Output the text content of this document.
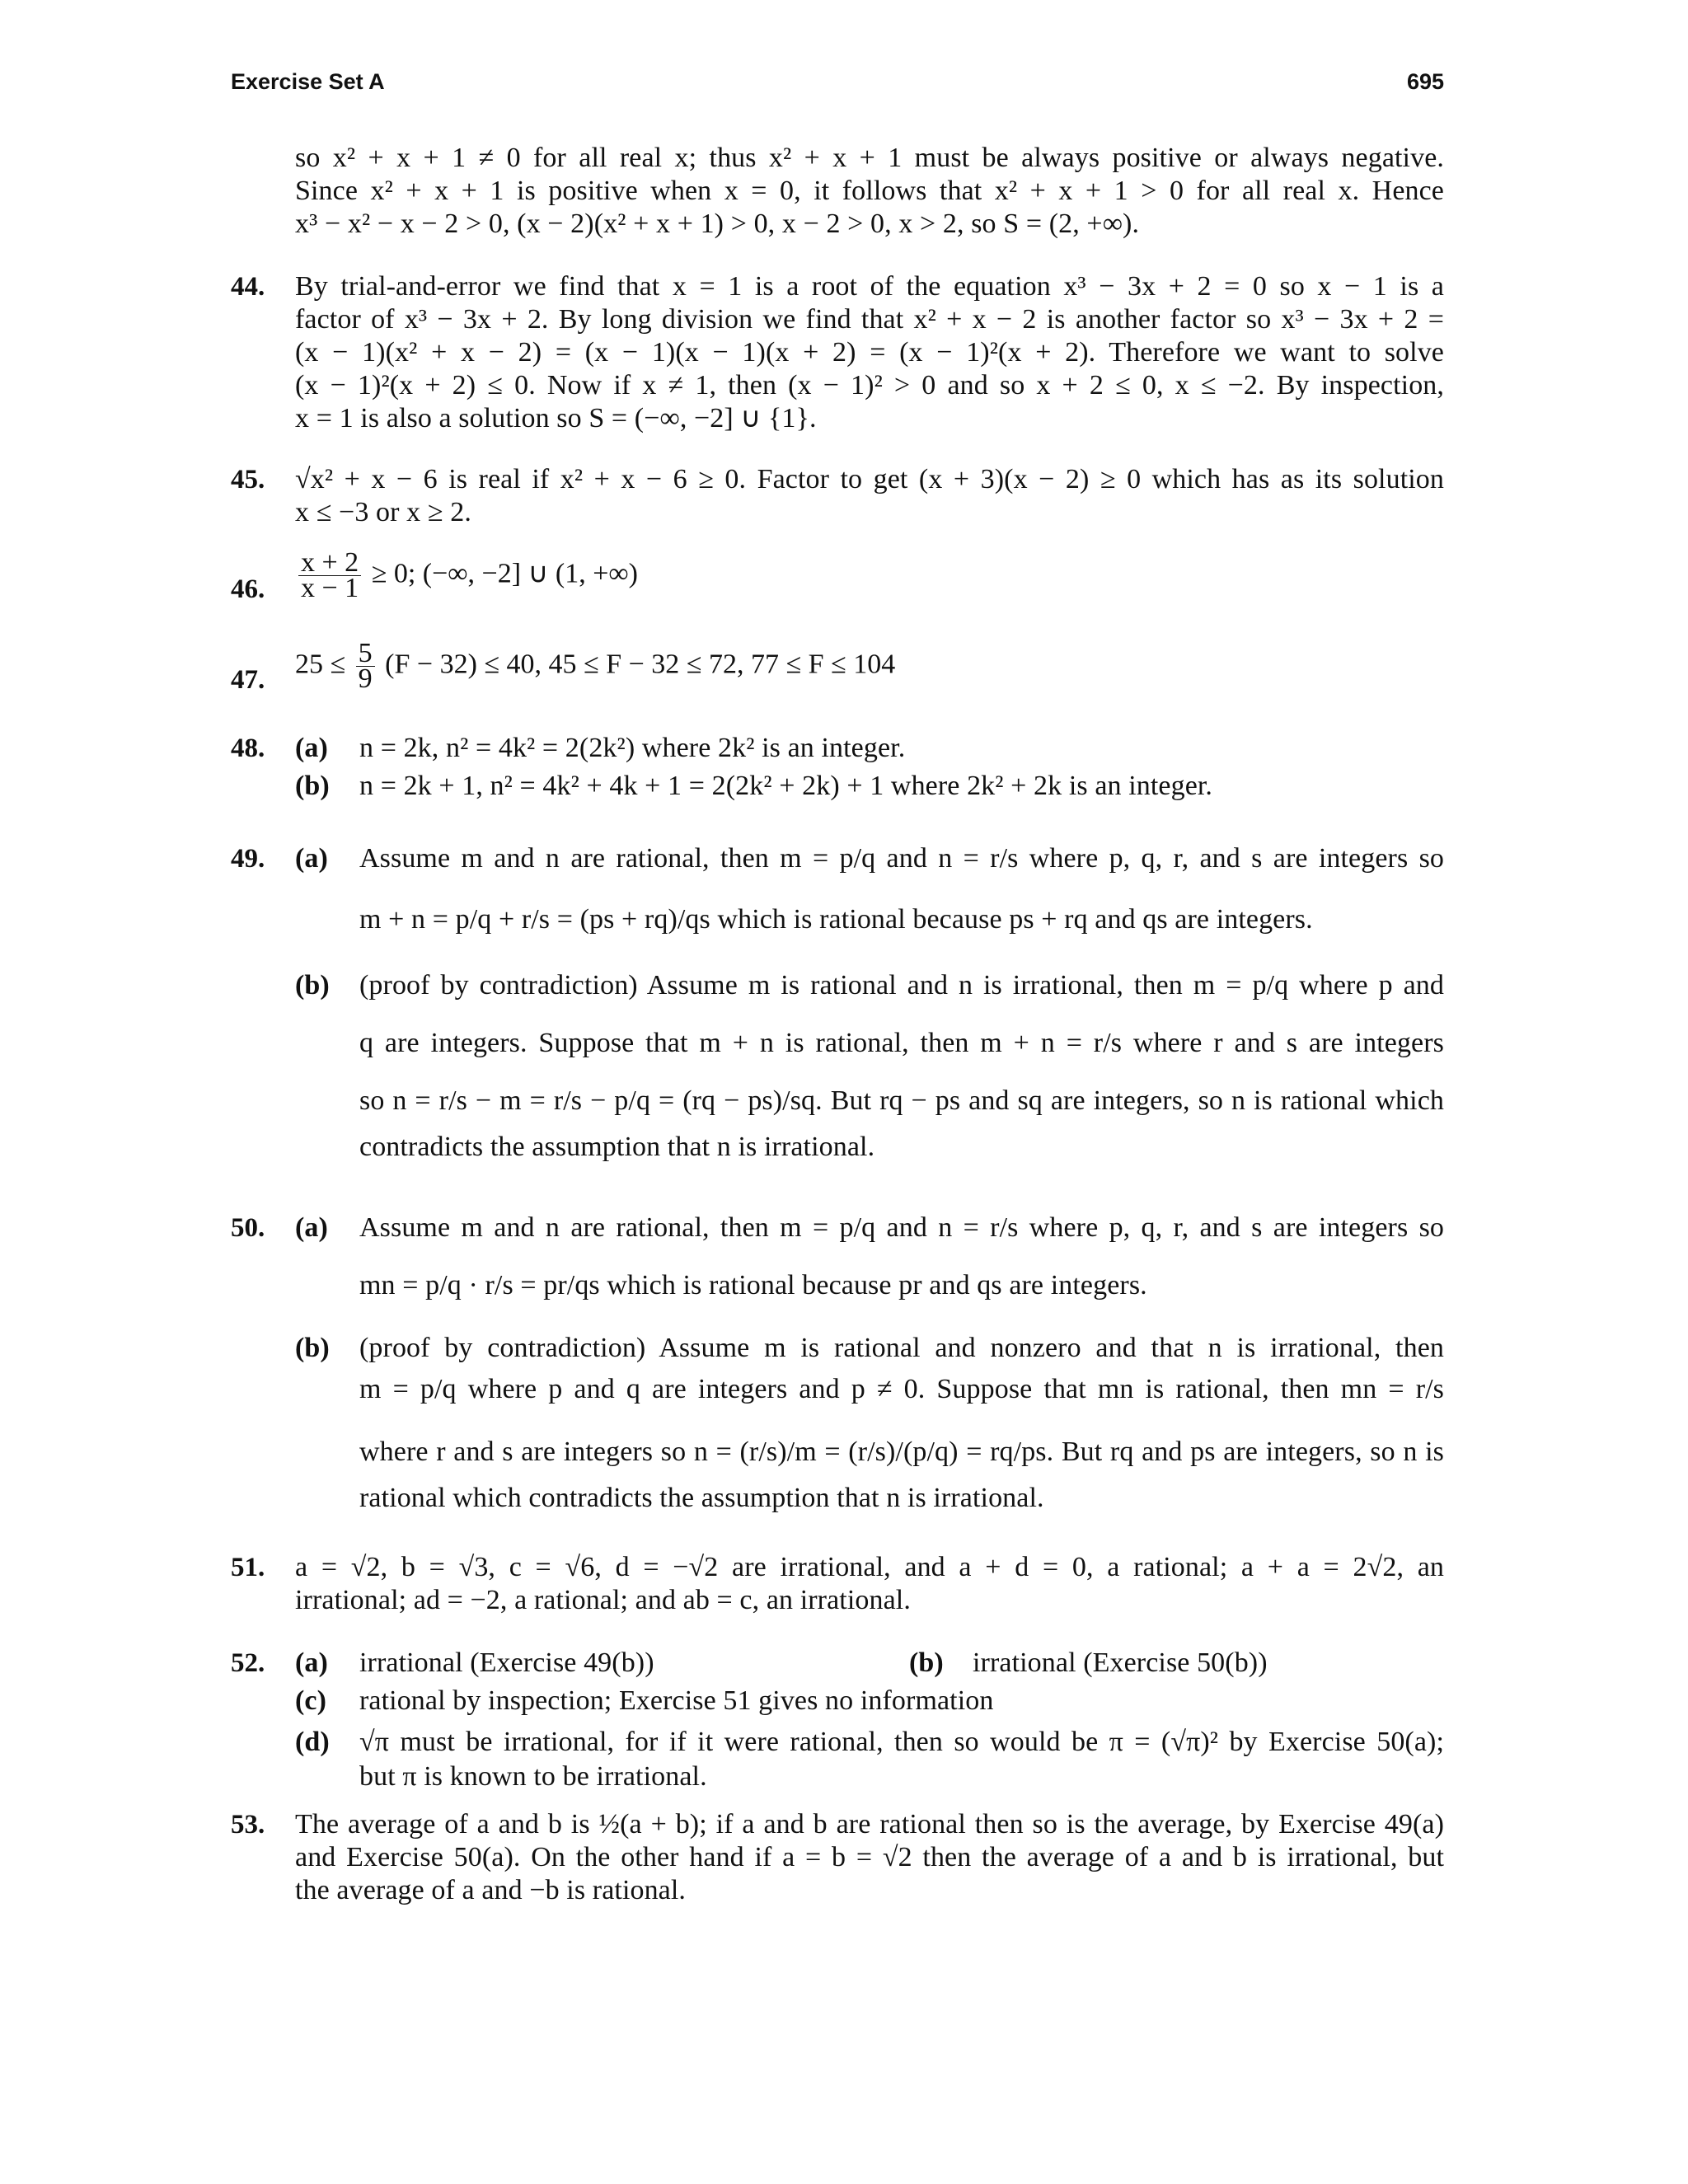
Exercise Set A	695
so x² + x + 1 ≠ 0 for all real x; thus x² + x + 1 must be always positive or always negative.
Since x² + x + 1 is positive when x = 0, it follows that x² + x + 1 > 0 for all real x. Hence
x³ − x² − x − 2 > 0, (x − 2)(x² + x + 1) > 0, x − 2 > 0, x > 2, so S = (2, +∞).
44. By trial-and-error we find that x = 1 is a root of the equation x³ − 3x + 2 = 0 so x − 1 is a
factor of x³ − 3x + 2. By long division we find that x² + x − 2 is another factor so x³ − 3x + 2 =
(x − 1)(x² + x − 2) = (x − 1)(x − 1)(x + 2) = (x − 1)²(x + 2). Therefore we want to solve
(x − 1)²(x + 2) ≤ 0. Now if x ≠ 1, then (x − 1)² > 0 and so x + 2 ≤ 0, x ≤ −2. By inspection,
x = 1 is also a solution so S = (−∞, −2] ∪ {1}.
45. √x² + x − 6 is real if x² + x − 6 ≥ 0. Factor to get (x + 3)(x − 2) ≥ 0 which has as its solution
x ≤ −3 or x ≥ 2.
46. $\frac{x + 2}{x - 1} \ge 0$; (−∞, −2] ∪ (1, +∞)
47.
$25 \le \frac{5}{9} (F - 32) \le 40$, 45 ≤ F − 32 ≤ 72, 77 ≤ F ≤ 104
48. (a) n = 2k, n² = 4k² = 2(2k²) where 2k² is an integer.
(b) n = 2k + 1, n² = 4k² + 4k + 1 = 2(2k² + 2k) + 1 where 2k² + 2k is an integer.
49. (a) Assume m and n are rational, then m = p/q and n = r/s where p, q, r, and s are integers so
m + n = p/q + r/s = (ps + rq)/qs which is rational because ps + rq and qs are integers.
(b) (proof by contradiction) Assume m is rational and n is irrational, then m = p/q where p and
q are integers. Suppose that m + n is rational, then m + n = r/s where r and s are integers
so n = r/s − m = r/s − p/q = (rq − ps)/sq. But rq − ps and sq are integers, so n is rational which
contradicts the assumption that n is irrational.
50. (a) Assume m and n are rational, then m = p/q and n = r/s where p, q, r, and s are integers so
mn = p/q · r/s = pr/qs which is rational because pr and qs are integers.
(b) (proof by contradiction) Assume m is rational and nonzero and that n is irrational, then
m = p/q where p and q are integers and p ≠ 0. Suppose that mn is rational, then mn = r/s
where r and s are integers so n = (r/s)/m = (r/s)/(p/q) = rq/ps. But rq and ps are integers, so n is
rational which contradicts the assumption that n is irrational.
51. a = √2, b = √3, c = √6, d = −√2 are irrational, and a + d = 0, a rational; a + a = 2√2, an
irrational; ad = −2, a rational; and ab = c, an irrational.
52. (a) irrational (Exercise 49(b))	(b) irrational (Exercise 50(b))
(c) rational by inspection; Exercise 51 gives no information
(d) √π must be irrational, for if it were rational, then so would be π = (√π)² by Exercise 50(a);
but π is known to be irrational.
53. The average of a and b is ½(a + b); if a and b are rational then so is the average, by Exercise 49(a)
and Exercise 50(a). On the other hand if a = b = √2 then the average of a and b is irrational, but
the average of a and −b is rational.
